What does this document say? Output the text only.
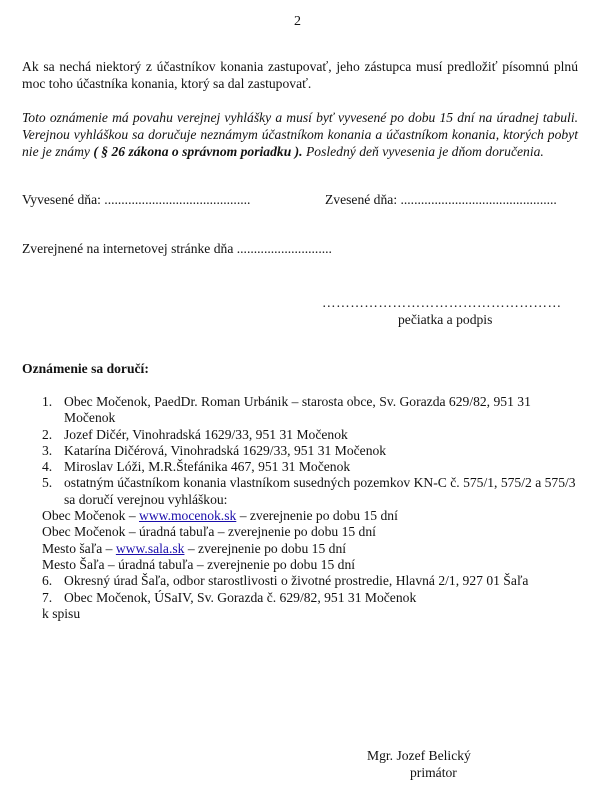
2
Ak sa nechá niektorý z účastníkov konania zastupovať, jeho zástupca musí predložiť písomnú plnú moc toho účastníka konania, ktorý sa dal zastupovať.
Toto oznámenie má povahu verejnej vyhlášky a musí byť vyvesené po dobu 15 dní na úradnej tabuli. Verejnou vyhláškou sa doručuje neznámym účastníkom konania a účastníkom konania, ktorých pobyt nie je známy ( § 26 zákona o správnom poriadku ). Posledný deň vyvesenia je dňom doručenia.
Vyvesené dňa: ...........................................	Zvesené dňa: ..............................................
Zverejnené na internetovej stránke dňa ............................
……………………………………………
pečiatka a podpis
Oznámenie sa doručí:
1. Obec Močenok, PaedDr. Roman Urbánik – starosta obce, Sv. Gorazda 629/82, 951 31 Močenok
2. Jozef Dičér, Vinohradská 1629/33, 951 31 Močenok
3. Katarína Dičérová, Vinohradská 1629/33, 951 31 Močenok
4. Miroslav Lóži, M.R.Štefánika 467, 951 31 Močenok
5. ostatným účastníkom konania vlastníkom susedných pozemkov KN-C č. 575/1, 575/2 a 575/3 sa doručí verejnou vyhláškou:
Obec Močenok – www.mocenok.sk – zverejnenie po dobu 15 dní
Obec Močenok – úradná tabuľa – zverejnenie po dobu 15 dní
Mesto šaľa – www.sala.sk – zverejnenie po dobu 15 dní
Mesto Šaľa – úradná tabuľa – zverejnenie po dobu 15 dní
6. Okresný úrad Šaľa, odbor starostlivosti o životné prostredie, Hlavná 2/1, 927 01 Šaľa
7. Obec Močenok, ÚSaIV, Sv. Gorazda č. 629/82, 951 31 Močenok
k spisu
Mgr. Jozef Belický
primátor
